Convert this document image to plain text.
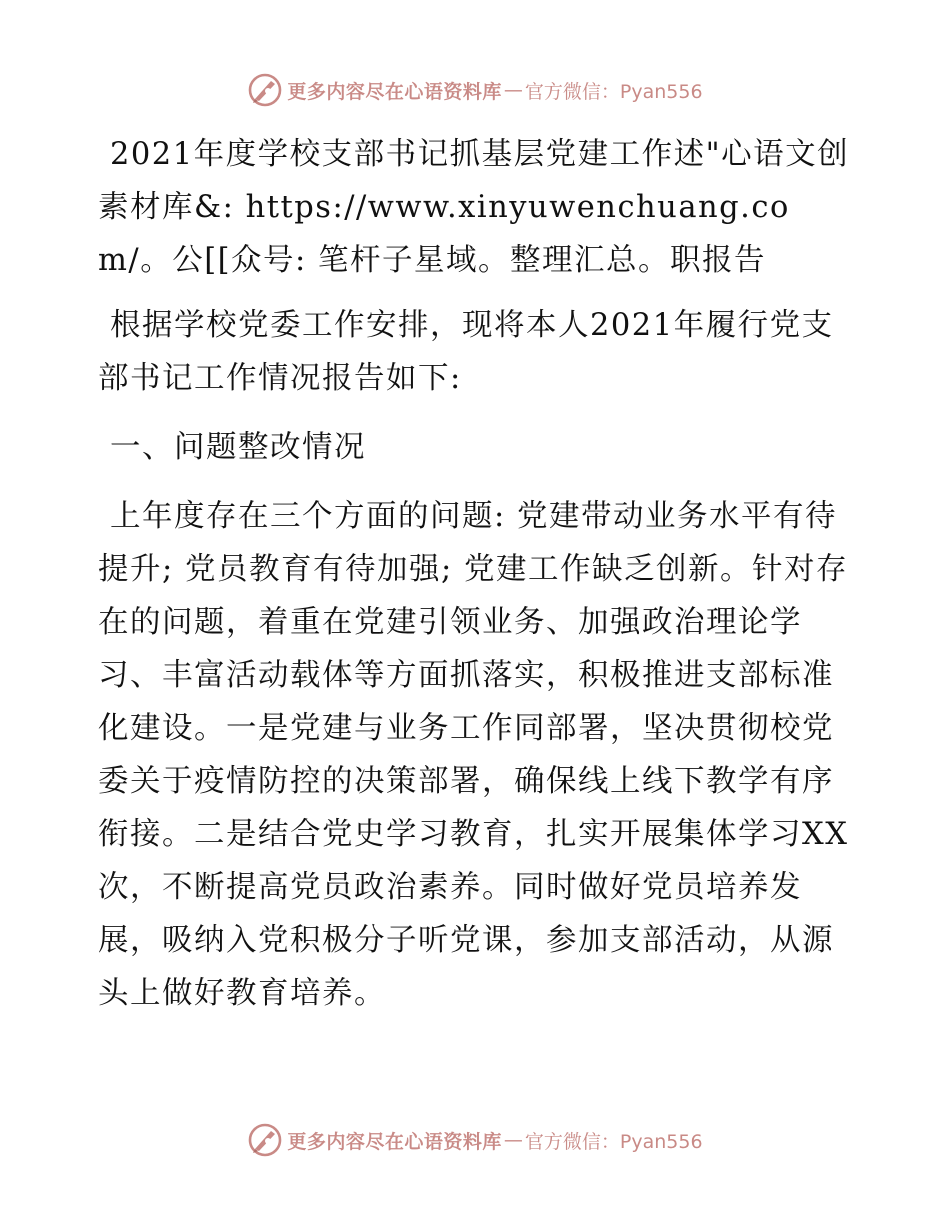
更多内容尽在心语资料库 — 官方微信：Pyan556

2021年度学校支部书记抓基层党建工作述"心语文创素材库&: https://www.xinyuwenchuang.com/。公[[众号: 笔杆子星域。整理汇总。职报告

根据学校党委工作安排，现将本人2021年履行党支部书记工作情况报告如下:

一、问题整改情况

上年度存在三个方面的问题: 党建带动业务水平有待提升; 党员教育有待加强; 党建工作缺乏创新。针对存在的问题，着重在党建引领业务、加强政治理论学习、丰富活动载体等方面抓落实，积极推进支部标准化建设。一是党建与业务工作同部署，坚决贯彻校党委关于疫情防控的决策部署，确保线上线下教学有序衔接。二是结合党史学习教育，扎实开展集体学习XX次，不断提高党员政治素养。同时做好党员培养发展，吸纳入党积极分子听党课，参加支部活动，从源头上做好教育培养。

更多内容尽在心语资料库 — 官方微信：Pyan556
